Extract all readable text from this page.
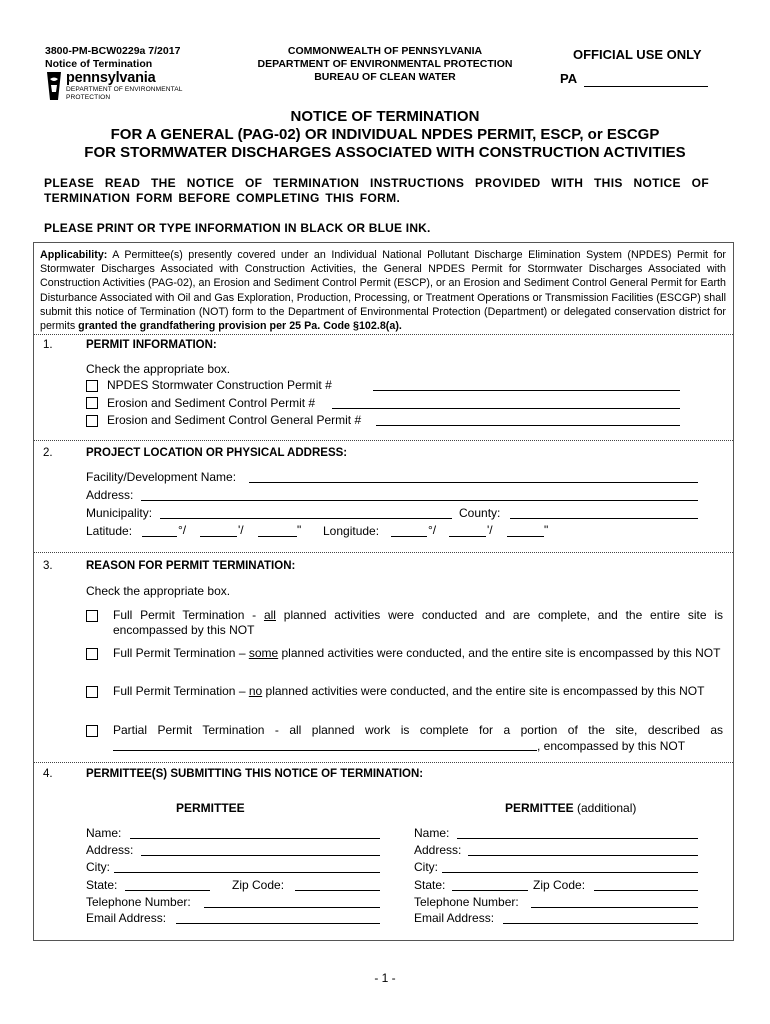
3800-PM-BCW0229a 7/2017
Notice of Termination
pennsylvania
DEPARTMENT OF ENVIRONMENTAL
PROTECTION
COMMONWEALTH OF PENNSYLVANIA
DEPARTMENT OF ENVIRONMENTAL PROTECTION
BUREAU OF CLEAN WATER
OFFICIAL USE ONLY
PA
NOTICE OF TERMINATION
FOR A GENERAL (PAG-02) OR INDIVIDUAL NPDES PERMIT, ESCP, or ESCGP
FOR STORMWATER DISCHARGES ASSOCIATED WITH CONSTRUCTION ACTIVITIES
PLEASE READ THE NOTICE OF TERMINATION INSTRUCTIONS PROVIDED WITH THIS NOTICE OF TERMINATION FORM BEFORE COMPLETING THIS FORM.
PLEASE PRINT OR TYPE INFORMATION IN BLACK OR BLUE INK.
Applicability: A Permittee(s) presently covered under an Individual National Pollutant Discharge Elimination System (NPDES) Permit for Stormwater Discharges Associated with Construction Activities, the General NPDES Permit for Stormwater Discharges Associated with Construction Activities (PAG-02), an Erosion and Sediment Control Permit (ESCP), or an Erosion and Sediment Control General Permit for Earth Disturbance Associated with Oil and Gas Exploration, Production, Processing, or Treatment Operations or Transmission Facilities (ESCGP) shall submit this notice of Termination (NOT) form to the Department of Environmental Protection (Department) or delegated conservation district for permits granted the grandfathering provision per 25 Pa. Code §102.8(a).
1.	PERMIT INFORMATION:
Check the appropriate box.
NPDES Stormwater Construction Permit #
Erosion and Sediment Control Permit #
Erosion and Sediment Control General Permit #
2.	PROJECT LOCATION OR PHYSICAL ADDRESS:
Facility/Development Name:
Address:
Municipality:	County:
Latitude:	°/	'/	" Longitude:	°/	'/	"
3.	REASON FOR PERMIT TERMINATION:
Check the appropriate box.
Full Permit Termination - all planned activities were conducted and are complete, and the entire site is encompassed by this NOT
Full Permit Termination – some planned activities were conducted, and the entire site is encompassed by this NOT
Full Permit Termination – no planned activities were conducted, and the entire site is encompassed by this NOT
Partial Permit Termination - all planned work is complete for a portion of the site, described as
, encompassed by this NOT
4.	PERMITTEE(S) SUBMITTING THIS NOTICE OF TERMINATION:
PERMITTEE	PERMITTEE (additional)
Name:
Address:
City:
State:	Zip Code:
Telephone Number:
Email Address:
Name:
Address:
City:
State:	Zip Code:
Telephone Number:
Email Address:
- 1 -
